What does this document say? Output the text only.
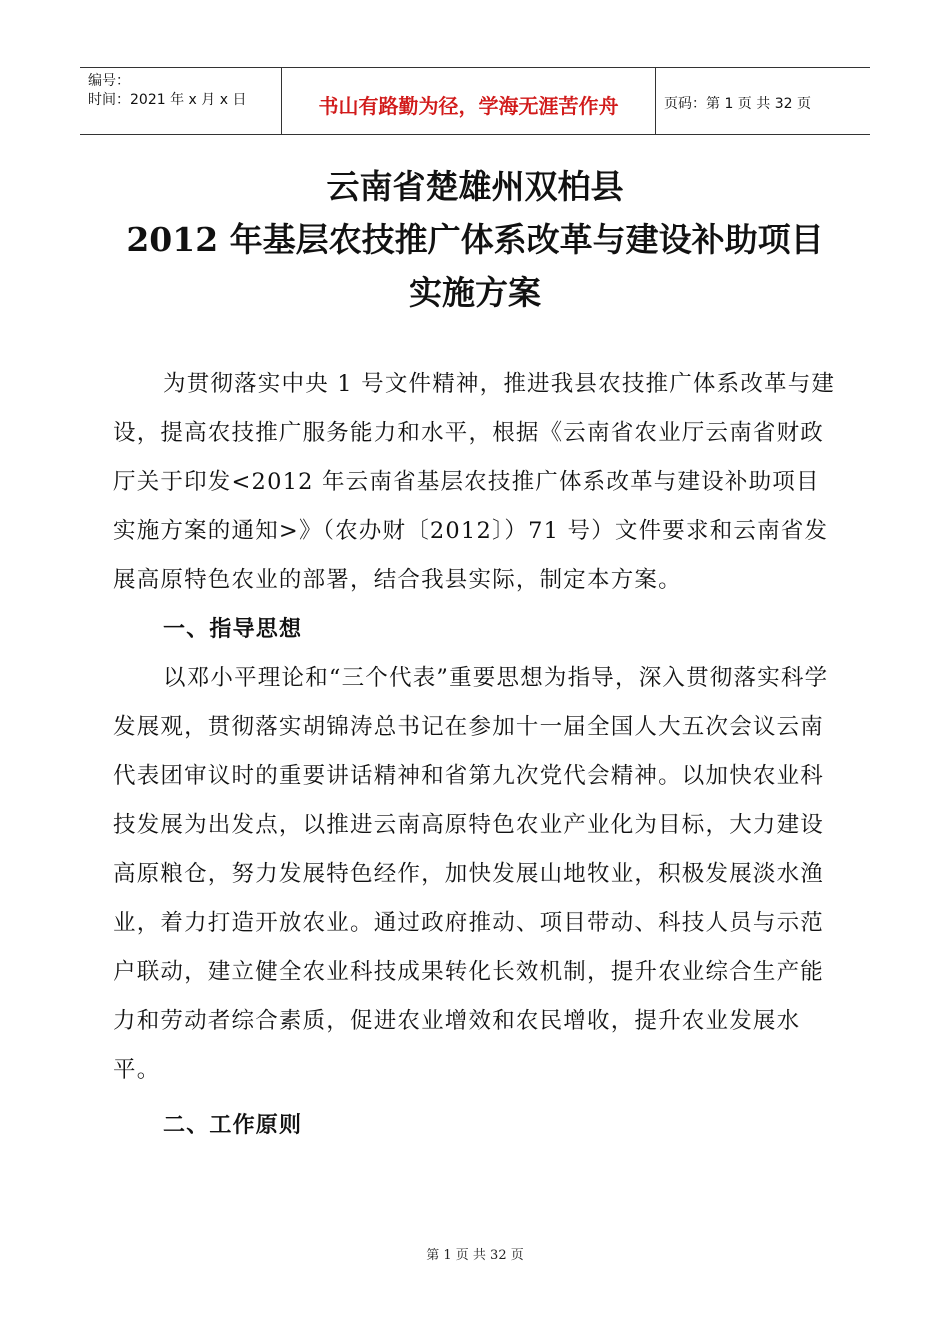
编号：
时间：2021 年 x 月 x 日	书山有路勤为径，学海无涯苦作舟	页码：第 1 页 共 32 页
云南省楚雄州双柏县
2012 年基层农技推广体系改革与建设补助项目
实施方案

为贯彻落实中央 1 号文件精神，推进我县农技推广体系改革与建设，提高农技推广服务能力和水平，根据《云南省农业厅云南省财政厅关于印发<2012 年云南省基层农技推广体系改革与建设补助项目实施方案的通知>》（农办财〔2012〕）71 号）文件要求和云南省发展高原特色农业的部署，结合我县实际，制定本方案。

一、指导思想

以邓小平理论和“三个代表”重要思想为指导，深入贯彻落实科学发展观，贯彻落实胡锦涛总书记在参加十一届全国人大五次会议云南代表团审议时的重要讲话精神和省第九次党代会精神。以加快农业科技发展为出发点，以推进云南高原特色农业产业化为目标，大力建设高原粮仓，努力发展特色经作，加快发展山地牧业，积极发展淡水渔业，着力打造开放农业。通过政府推动、项目带动、科技人员与示范户联动，建立健全农业科技成果转化长效机制，提升农业综合生产能力和劳动者综合素质，促进农业增效和农民增收，提升农业发展水平。

二、工作原则
第 1 页 共 32 页
